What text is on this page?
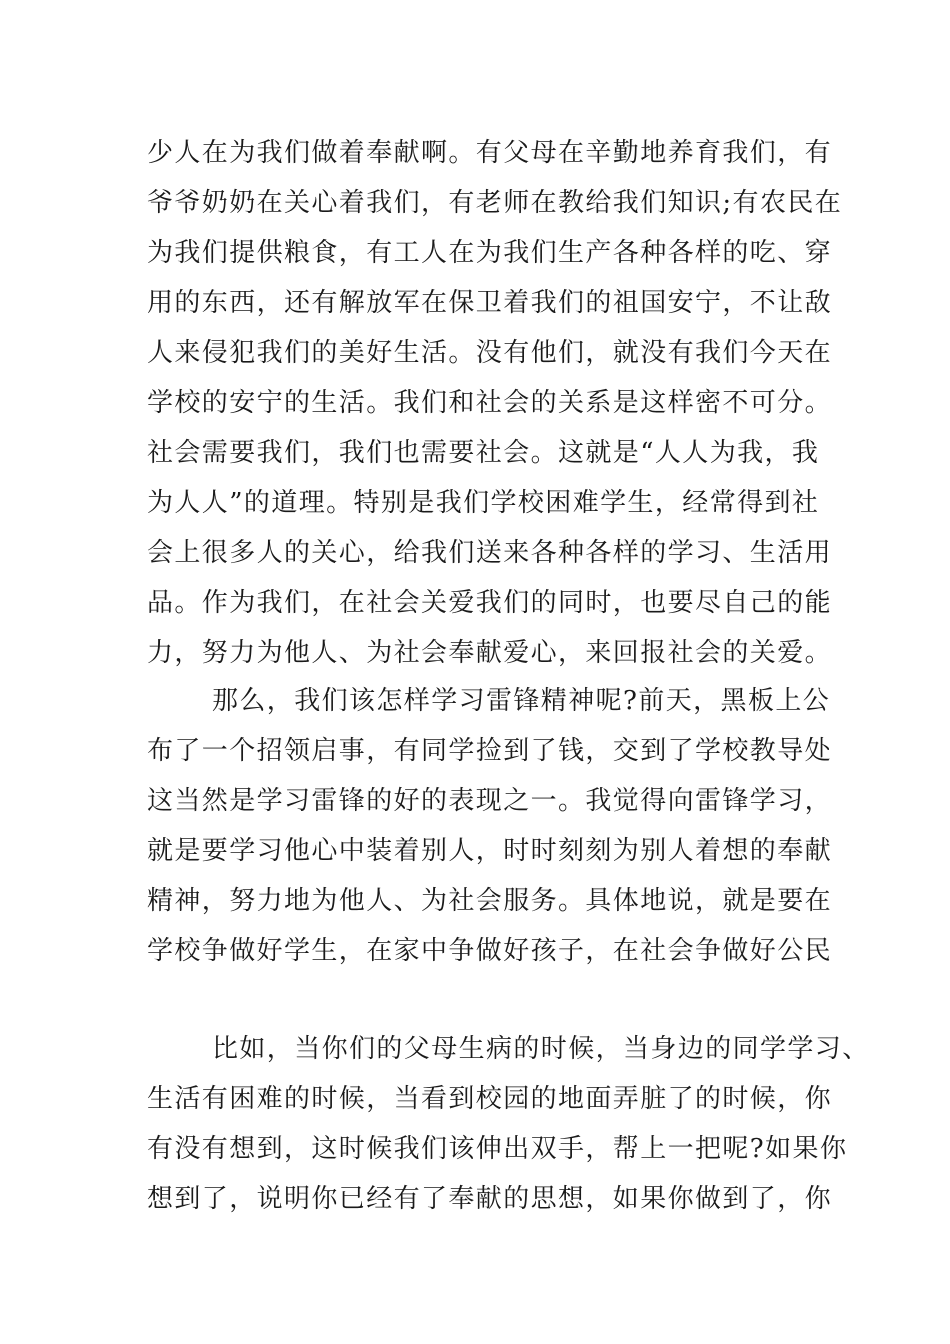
少人在为我们做着奉献啊。有父母在辛勤地养育我们，有
爷爷奶奶在关心着我们，有老师在教给我们知识;有农民在
为我们提供粮食，有工人在为我们生产各种各样的吃、穿
用的东西，还有解放军在保卫着我们的祖国安宁，不让敌
人来侵犯我们的美好生活。没有他们，就没有我们今天在
学校的安宁的生活。我们和社会的关系是这样密不可分。
社会需要我们，我们也需要社会。这就是“人人为我，我
为人人”的道理。特别是我们学校困难学生，经常得到社
会上很多人的关心，给我们送来各种各样的学习、生活用
品。作为我们，在社会关爱我们的同时，也要尽自己的能
力，努力为他人、为社会奉献爱心，来回报社会的关爱。
那么，我们该怎样学习雷锋精神呢?前天，黑板上公
布了一个招领启事，有同学捡到了钱，交到了学校教导处
这当然是学习雷锋的好的表现之一。我觉得向雷锋学习，
就是要学习他心中装着别人，时时刻刻为别人着想的奉献
精神，努力地为他人、为社会服务。具体地说，就是要在
学校争做好学生，在家中争做好孩子，在社会争做好公民
比如，当你们的父母生病的时候，当身边的同学学习、
生活有困难的时候，当看到校园的地面弄脏了的时候，你
有没有想到，这时候我们该伸出双手，帮上一把呢?如果你
想到了，说明你已经有了奉献的思想，如果你做到了，你
